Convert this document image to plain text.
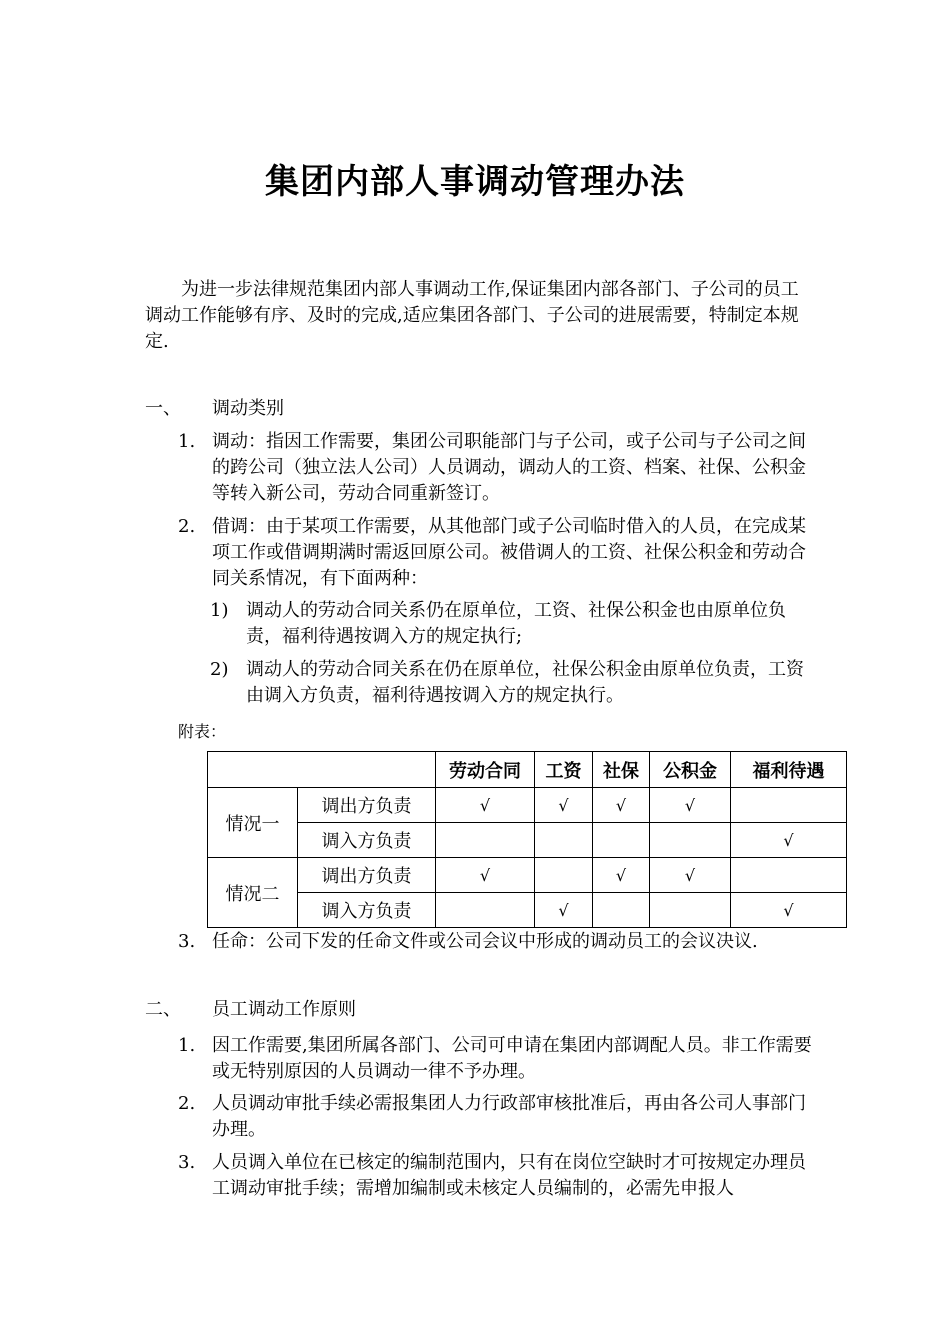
集团内部人事调动管理办法
为进一步法律规范集团内部人事调动工作,保证集团内部各部门、子公司的员工调动工作能够有序、及时的完成,适应集团各部门、子公司的进展需要，特制定本规定.
一、 调动类别
1. 调动：指因工作需要，集团公司职能部门与子公司，或子公司与子公司之间的跨公司（独立法人公司）人员调动，调动人的工资、档案、社保、公积金等转入新公司，劳动合同重新签订。
2. 借调：由于某项工作需要，从其他部门或子公司临时借入的人员，在完成某项工作或借调期满时需返回原公司。被借调人的工资、社保公积金和劳动合同关系情况，有下面两种：
1) 调动人的劳动合同关系仍在原单位，工资、社保公积金也由原单位负责，福利待遇按调入方的规定执行;
2) 调动人的劳动合同关系在仍在原单位，社保公积金由原单位负责，工资由调入方负责，福利待遇按调入方的规定执行。
附表：
		劳动合同	工资	社保	公积金	福利待遇
情况一	调出方负责	√	√	√	√	
	调入方负责					√
情况二	调出方负责	√		√	√	
	调入方负责		√			√
3. 任命：公司下发的任命文件或公司会议中形成的调动员工的会议决议.
二、 员工调动工作原则
1. 因工作需要,集团所属各部门、公司可申请在集团内部调配人员。非工作需要或无特别原因的人员调动一律不予办理。
2. 人员调动审批手续必需报集团人力行政部审核批准后，再由各公司人事部门办理。
3. 人员调入单位在已核定的编制范围内，只有在岗位空缺时才可按规定办理员工调动审批手续；需增加编制或未核定人员编制的，必需先申报人
